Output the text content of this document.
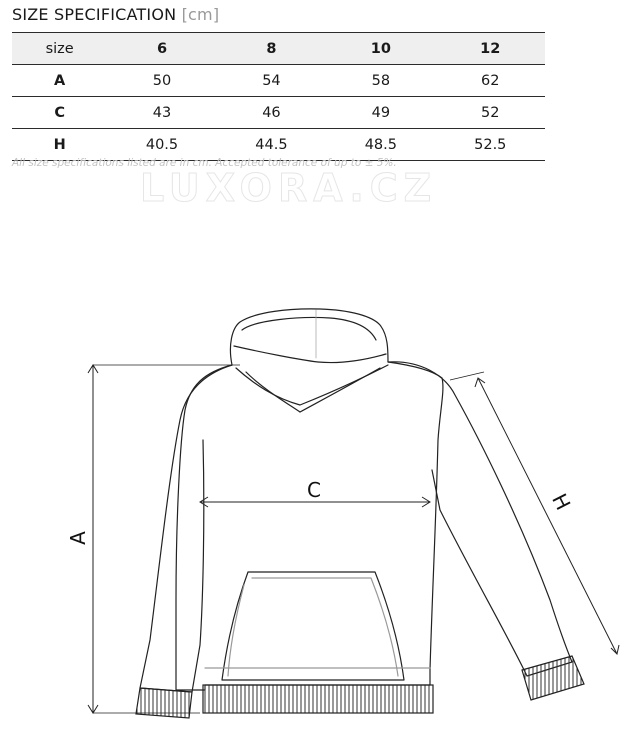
SIZE SPECIFICATION [cm]
size	6	8	10	12
A	50	54	58	62
C	43	46	49	52
H	40.5	44.5	48.5	52.5
All size specifications listed are in cm. Accepted tolerance of up to ± 5%.
LUXORA.CZ
A
C	H
